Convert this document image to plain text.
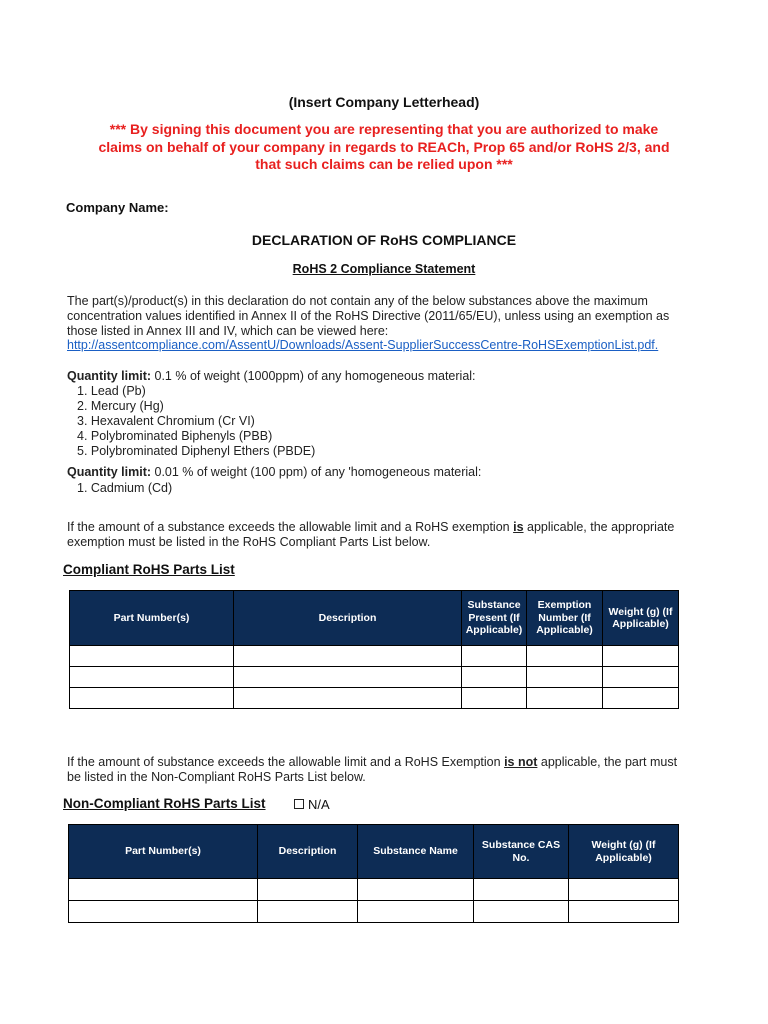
(Insert Company Letterhead)
*** By signing this document you are representing that you are authorized to make
claims on behalf of your company in regards to REACh, Prop 65 and/or RoHS 2/3, and
that such claims can be relied upon ***
Company Name:
DECLARATION OF RoHS COMPLIANCE
RoHS 2 Compliance Statement
The part(s)/product(s) in this declaration do not contain any of the below substances above the maximum
concentration values identified in Annex II of the RoHS Directive (2011/65/EU), unless using an exemption as
those listed in Annex III and IV, which can be viewed here:
http://assentcompliance.com/AssentU/Downloads/Assent-SupplierSuccessCentre-RoHSExemptionList.pdf.
Quantity limit: 0.1 % of weight (1000ppm) of any homogeneous material:
1. Lead (Pb)
2. Mercury (Hg)
3. Hexavalent Chromium (Cr VI)
4. Polybrominated Biphenyls (PBB)
5. Polybrominated Diphenyl Ethers (PBDE)
Quantity limit: 0.01 % of weight (100 ppm) of any 'homogeneous material:
1. Cadmium (Cd)
If the amount of a substance exceeds the allowable limit and a RoHS exemption is applicable, the appropriate
exemption must be listed in the RoHS Compliant Parts List below.
Compliant RoHS Parts List
Part Number(s)	Description	Substance Present (If Applicable)	Exemption Number (If Applicable)	Weight (g) (If Applicable)

If the amount of substance exceeds the allowable limit and a RoHS Exemption is not applicable, the part must
be listed in the Non-Compliant RoHS Parts List below.
Non-Compliant RoHS Parts List	N/A
Part Number(s)	Description	Substance Name	Substance CAS No.	Weight (g) (If Applicable)
